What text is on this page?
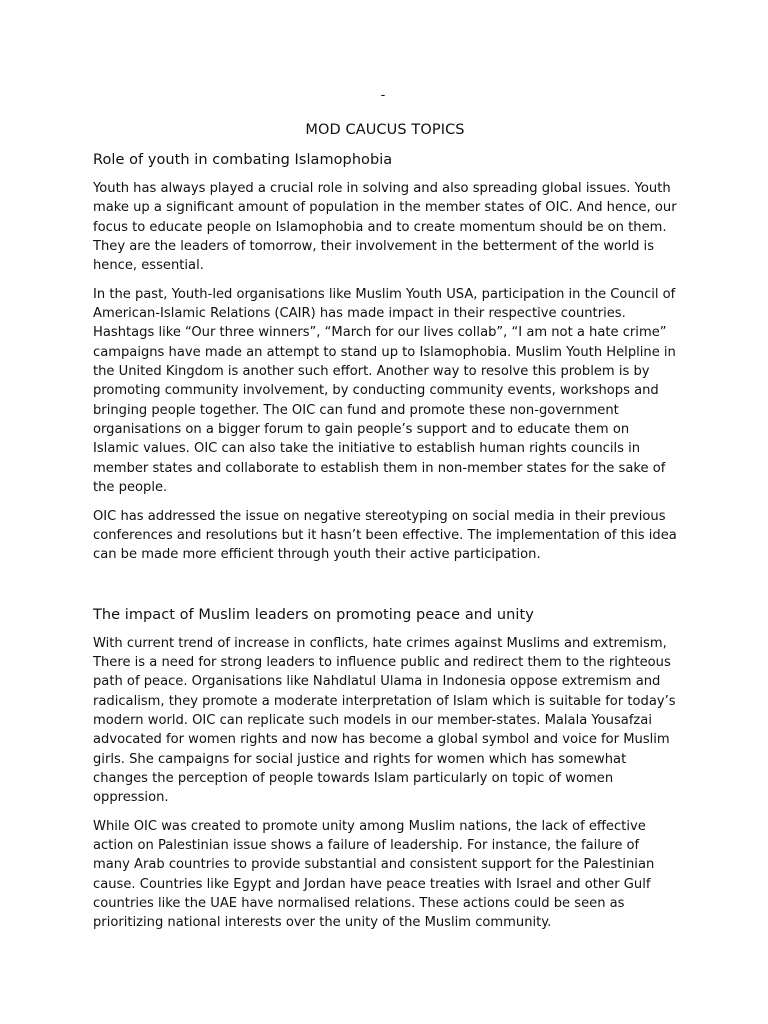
-
MOD CAUCUS TOPICS
Role of youth in combating Islamophobia

Youth has always played a crucial role in solving and also spreading global issues. Youth make up a significant amount of population in the member states of OIC. And hence, our focus to educate people on Islamophobia and to create momentum should be on them. They are the leaders of tomorrow, their involvement in the betterment of the world is hence, essential.

In the past, Youth-led organisations like Muslim Youth USA, participation in the Council of American-Islamic Relations (CAIR) has made impact in their respective countries. Hashtags like “Our three winners”, “March for our lives collab”, “I am not a hate crime” campaigns have made an attempt to stand up to Islamophobia. Muslim Youth Helpline in the United Kingdom is another such effort. Another way to resolve this problem is by promoting community involvement, by conducting community events, workshops and bringing people together. The OIC can fund and promote these non-government organisations on a bigger forum to gain people’s support and to educate them on Islamic values. OIC can also take the initiative to establish human rights councils in member states and collaborate to establish them in non-member states for the sake of the people.

OIC has addressed the issue on negative stereotyping on social media in their previous conferences and resolutions but it hasn’t been effective. The implementation of this idea can be made more efficient through youth their active participation.

The impact of Muslim leaders on promoting peace and unity

With current trend of increase in conflicts, hate crimes against Muslims and extremism, There is a need for strong leaders to influence public and redirect them to the righteous path of peace. Organisations like Nahdlatul Ulama in Indonesia oppose extremism and radicalism, they promote a moderate interpretation of Islam which is suitable for today’s modern world. OIC can replicate such models in our member-states. Malala Yousafzai advocated for women rights and now has become a global symbol and voice for Muslim girls. She campaigns for social justice and rights for women which has somewhat changes the perception of people towards Islam particularly on topic of women oppression.

While OIC was created to promote unity among Muslim nations, the lack of effective action on Palestinian issue shows a failure of leadership. For instance, the failure of many Arab countries to provide substantial and consistent support for the Palestinian cause. Countries like Egypt and Jordan have peace treaties with Israel and other Gulf countries like the UAE have normalised relations. These actions could be seen as prioritizing national interests over the unity of the Muslim community.
